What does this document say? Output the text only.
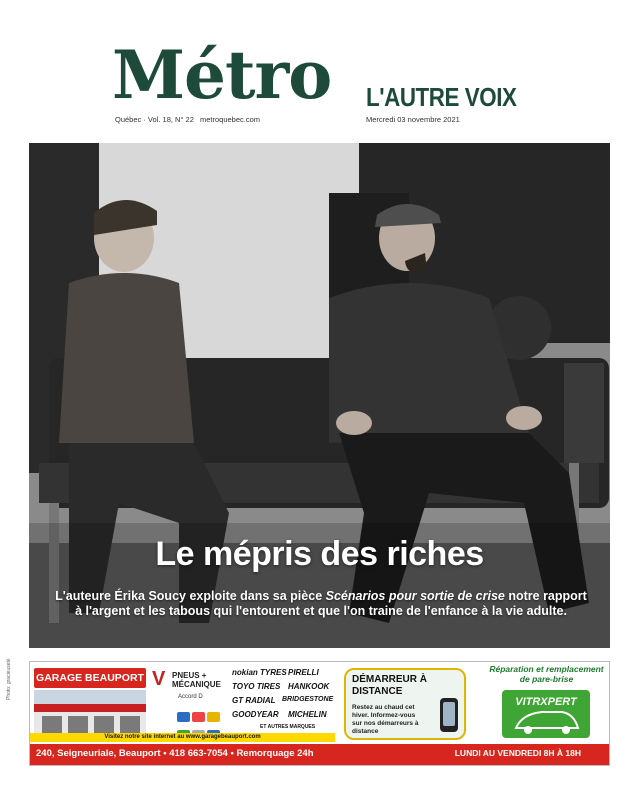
Métro L'AUTRE VOIX
Québec · Vol. 18, N° 22 metroquebec.com	Mercredi 03 novembre 2021
Le mépris des riches
L'auteure Érika Soucy exploite dans sa pièce Scénarios pour sortie de crise notre rapport à l'argent et les tabous qui l'entourent et que l'on traine de l'enfance à la vie adulte.
Photo: gracieuseté GARAGE BEAUPORT V PNEUS +
MÉCANIQUE
Accord D
nokian TYRES PIRELLI
TOYO TIRES HANKOOK
GT RADIAL BRIDGESTONE
GOODYEAR MICHELIN
ET AUTRES MARQUES
Visitez notre site internet au www.garagebeauport.com
DÉMARREUR À DISTANCE
Restez au chaud cet hiver. Informez-vous sur nos démarreurs à distance
Réparation et remplacement de pare-brise
VITRXPERT
240, Seigneuriale, Beauport • 418 663-7054 • Remorquage 24h	LUNDI AU VENDREDI 8H À 18H
